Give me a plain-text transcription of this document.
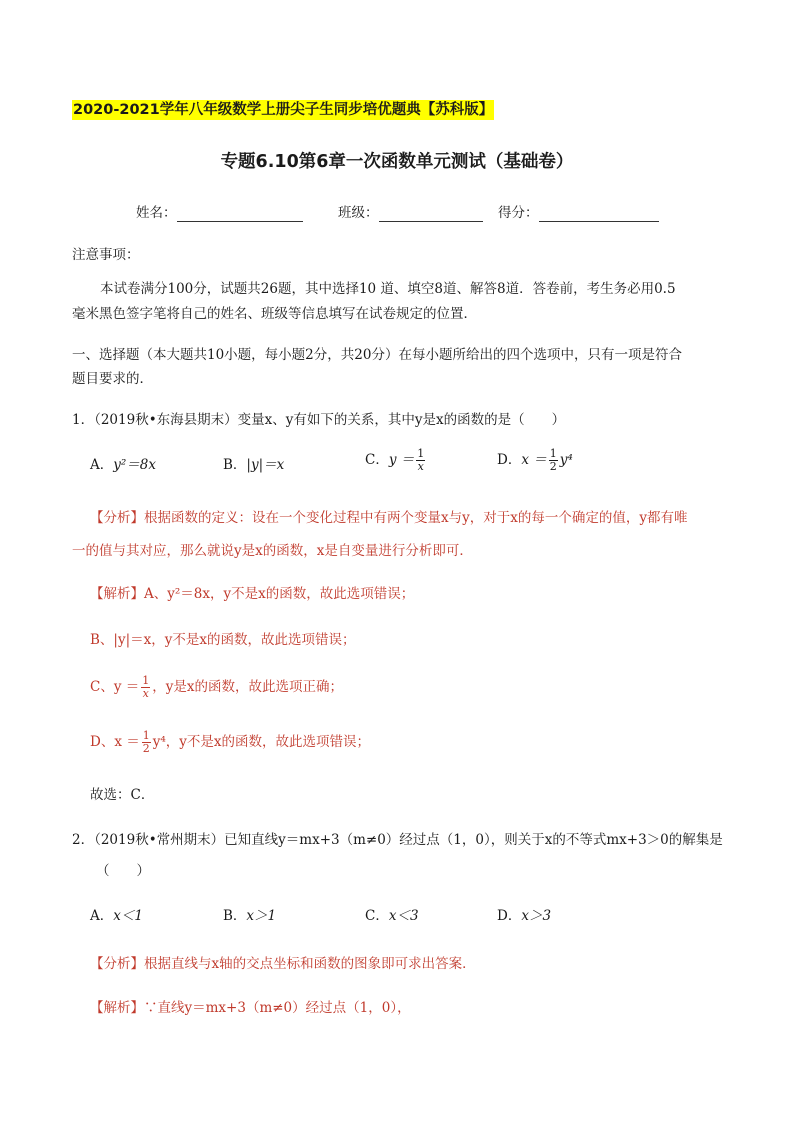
2020-2021学年八年级数学上册尖子生同步培优题典【苏科版】
专题6.10第6章一次函数单元测试（基础卷）
姓名：	班级：	得分：
注意事项：
本试卷满分100分，试题共26题，其中选择10 道、填空8道、解答8道．答卷前，考生务必用0.5
毫米黑色签字笔将自己的姓名、班级等信息填写在试卷规定的位置．
一、选择题（本大题共10小题，每小题2分，共20分）在每小题所给出的四个选项中，只有一项是符合
题目要求的．
1．（2019秋•东海县期末）变量x、y有如下的关系，其中y是x的函数的是（　　）
A．y²＝8x	B．|y|＝x	C．$y = \frac{1}{x}$	D．$x = \frac{1}{2} y^4$
【分析】根据函数的定义：设在一个变化过程中有两个变量x与y，对于x的每一个确定的值，y都有唯
一的值与其对应，那么就说y是x的函数，x是自变量进行分析即可．
【解析】A、y²＝8x，y不是x的函数，故此选项错误；
B、|y|＝x，y不是x的函数，故此选项错误；
C、$y = \frac{1}{x}$ ，y是x的函数，故此选项正确；
D、$x = \frac{1}{2} y^4$，y不是x的函数，故此选项错误；
故选：C．
2．（2019秋•常州期末）已知直线y＝mx+3（m≠0）经过点（1，0），则关于x的不等式mx+3＞0的解集是
（　　）
A．x＜1	B．x＞1	C．x＜3	D．x＞3
【分析】根据直线与x轴的交点坐标和函数的图象即可求出答案．
【解析】∵直线y＝mx+3（m≠0）经过点（1，0），
